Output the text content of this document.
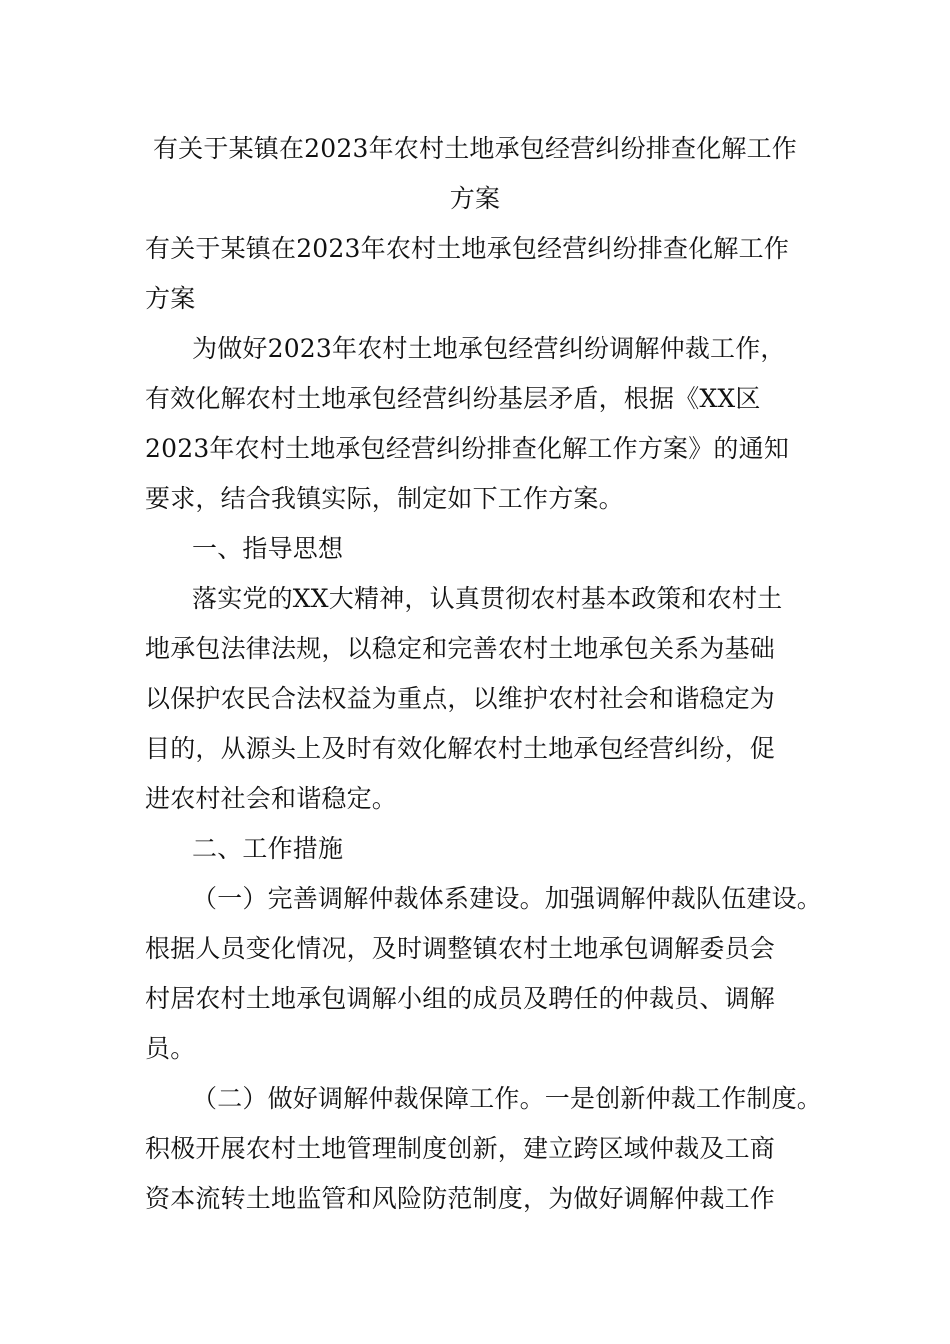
有关于某镇在2023年农村土地承包经营纠纷排查化解工作
方案
有关于某镇在2023年农村土地承包经营纠纷排查化解工作
方案
为做好2023年农村土地承包经营纠纷调解仲裁工作，
有效化解农村土地承包经营纠纷基层矛盾，根据《XX区
2023年农村土地承包经营纠纷排查化解工作方案》的通知
要求，结合我镇实际，制定如下工作方案。
一、指导思想
落实党的XX大精神，认真贯彻农村基本政策和农村土
地承包法律法规，以稳定和完善农村土地承包关系为基础
以保护农民合法权益为重点，以维护农村社会和谐稳定为
目的，从源头上及时有效化解农村土地承包经营纠纷，促
进农村社会和谐稳定。
二、工作措施
（一）完善调解仲裁体系建设。加强调解仲裁队伍建设。
根据人员变化情况，及时调整镇农村土地承包调解委员会
村居农村土地承包调解小组的成员及聘任的仲裁员、调解
员。
（二）做好调解仲裁保障工作。一是创新仲裁工作制度。
积极开展农村土地管理制度创新，建立跨区域仲裁及工商
资本流转土地监管和风险防范制度，为做好调解仲裁工作
